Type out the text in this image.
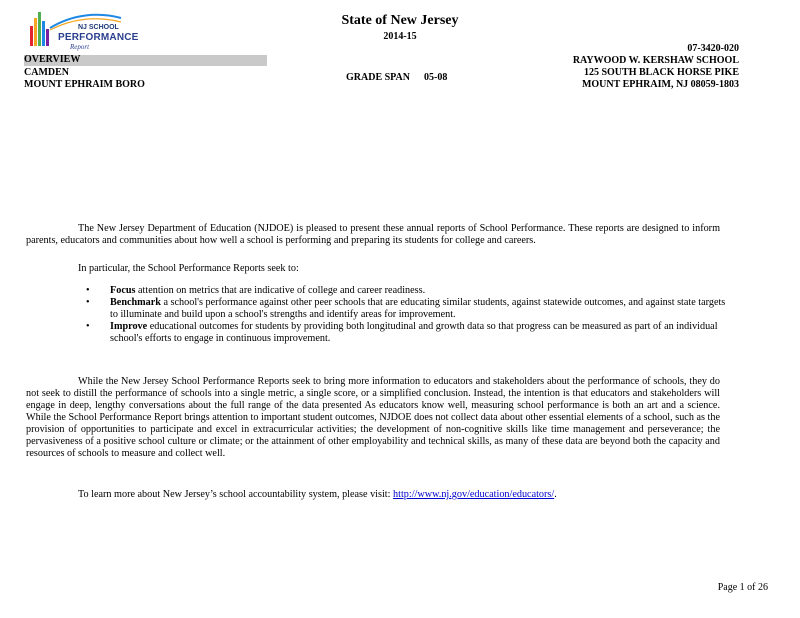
NJ SCHOOL
PERFORMANCE
Report
State of New Jersey
2014-15
OVERVIEW
CAMDEN
MOUNT EPHRAIM BORO
GRADE SPAN 05-08
07-3420-020
RAYWOOD W. KERSHAW SCHOOL
125 SOUTH BLACK HORSE PIKE
MOUNT EPHRAIM, NJ 08059-1803
The New Jersey Department of Education (NJDOE) is pleased to present these annual reports of School Performance. These reports are designed to inform parents, educators and communities about how well a school is performing and preparing its students for college and careers.
In particular, the School Performance Reports seek to:
• Focus attention on metrics that are indicative of college and career readiness.
• Benchmark a school's performance against other peer schools that are educating similar students, against statewide outcomes, and against state targets to illuminate and build upon a school's strengths and identify areas for improvement.
• Improve educational outcomes for students by providing both longitudinal and growth data so that progress can be measured as part of an individual school's efforts to engage in continuous improvement.
While the New Jersey School Performance Reports seek to bring more information to educators and stakeholders about the performance of schools, they do not seek to distill the performance of schools into a single metric, a single score, or a simplified conclusion. Instead, the intention is that educators and stakeholders will engage in deep, lengthy conversations about the full range of the data presented As educators know well, measuring school performance is both an art and a science. While the School Performance Report brings attention to important student outcomes, NJDOE does not collect data about other essential elements of a school, such as the provision of opportunities to participate and excel in extracurricular activities; the development of non-cognitive skills like time management and perseverance; the pervasiveness of a positive school culture or climate; or the attainment of other employability and technical skills, as many of these data are beyond both the capacity and resources of schools to measure and collect well.
To learn more about New Jersey’s school accountability system, please visit: http://www.nj.gov/education/educators/.
Page 1 of 26
